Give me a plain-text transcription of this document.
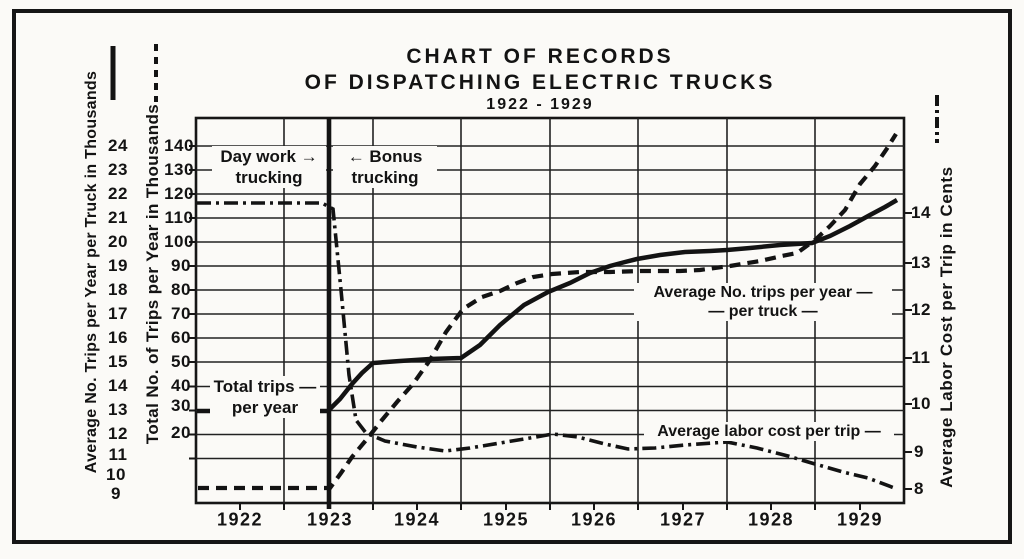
CHART OF RECORDS
OF DISPATCHING ELECTRIC TRUCKS
1922 - 1929
Average No. Trips per Year per Truck in Thousands	Total No. of Trips per Year in Thousands	Average Labor Cost per Trip in Cents
24
23
22
21
20
19
18
17
16
15
14
13
12
11
10
9
140
130
120
110
100
90
80
70
60
50
40
30
20
14
13
12
11
10
9
8
1922 1923 1924 1925 1926 1927 1928 1929
Day work →
trucking
← Bonus
trucking
Total trips —
per year
Average No. trips per year —
— per truck —
Average labor cost per trip —
